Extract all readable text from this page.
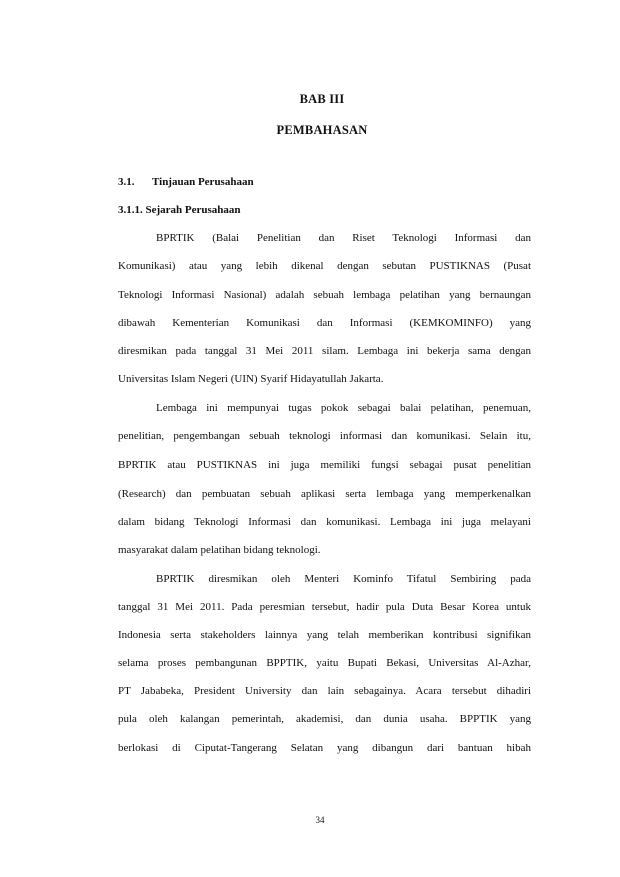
BAB III
PEMBAHASAN
3.1. Tinjauan Perusahaan
3.1.1. Sejarah Perusahaan
BPRTIK (Balai Penelitian dan Riset Teknologi Informasi dan
Komunikasi) atau yang lebih dikenal dengan sebutan PUSTIKNAS (Pusat
Teknologi Informasi Nasional) adalah sebuah lembaga pelatihan yang bernaungan
dibawah Kementerian Komunikasi dan Informasi (KEMKOMINFO) yang
diresmikan pada tanggal 31 Mei 2011 silam. Lembaga ini bekerja sama dengan
Universitas Islam Negeri (UIN) Syarif Hidayatullah Jakarta.
Lembaga ini mempunyai tugas pokok sebagai balai pelatihan, penemuan,
penelitian, pengembangan sebuah teknologi informasi dan komunikasi. Selain itu,
BPRTIK atau PUSTIKNAS ini juga memiliki fungsi sebagai pusat penelitian
(Research) dan pembuatan sebuah aplikasi serta lembaga yang memperkenalkan
dalam bidang Teknologi Informasi dan komunikasi. Lembaga ini juga melayani
masyarakat dalam pelatihan bidang teknologi.
BPRTIK diresmikan oleh Menteri Kominfo Tifatul Sembiring pada
tanggal 31 Mei 2011. Pada peresmian tersebut, hadir pula Duta Besar Korea untuk
Indonesia serta stakeholders lainnya yang telah memberikan kontribusi signifikan
selama proses pembangunan BPPTIK, yaitu Bupati Bekasi, Universitas Al-Azhar,
PT Jababeka, President University dan lain sebagainya. Acara tersebut dihadiri
pula oleh kalangan pemerintah, akademisi, dan dunia usaha. BPPTIK yang
berlokasi di Ciputat-Tangerang Selatan yang dibangun dari bantuan hibah
34
